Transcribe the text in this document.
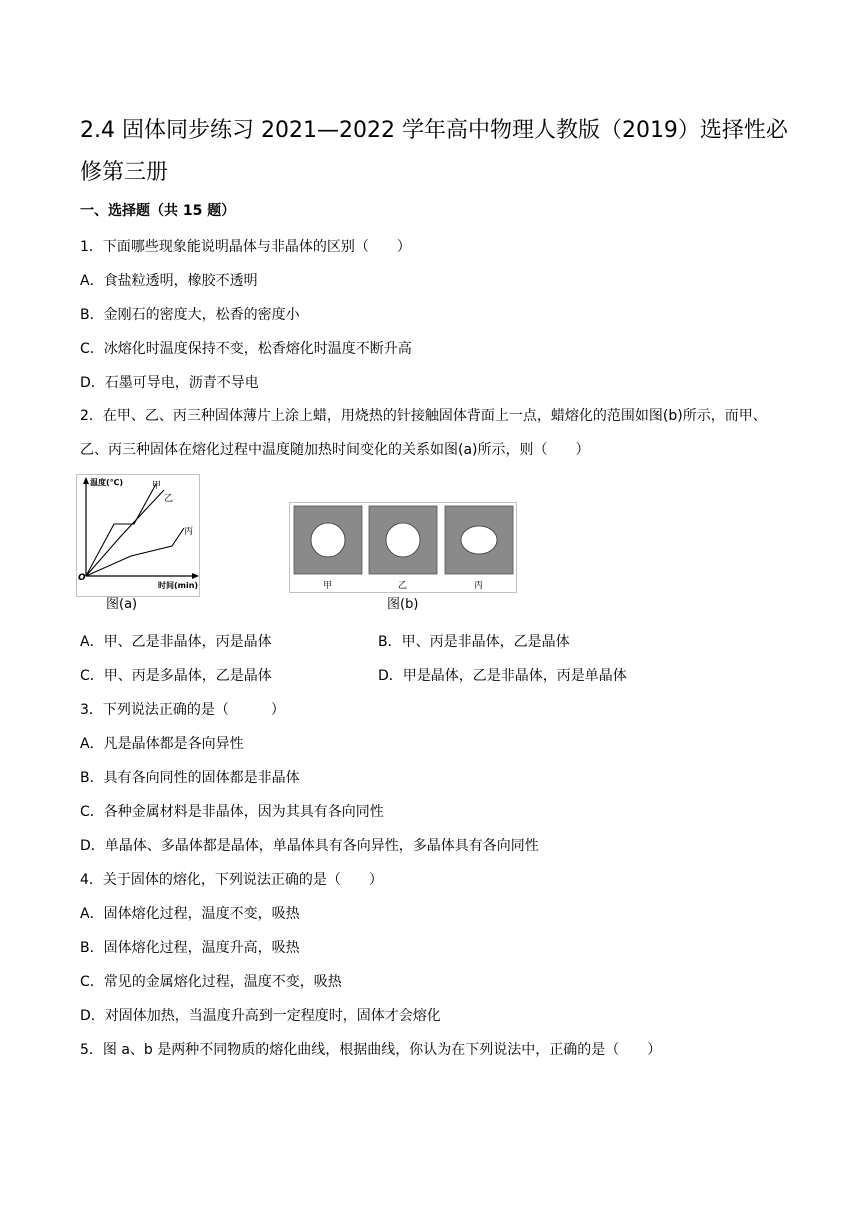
2.4 固体同步练习 2021—2022 学年高中物理人教版（2019）选择性必修第三册
一、选择题（共 15 题）
1．下面哪些现象能说明晶体与非晶体的区别（　　）
A．食盐粒透明，橡胶不透明
B．金刚石的密度大，松香的密度小
C．冰熔化时温度保持不变，松香熔化时温度不断升高
D．石墨可导电，沥青不导电
2．在甲、乙、丙三种固体薄片上涂上蜡，用烧热的针接触固体背面上一点，蜡熔化的范围如图(b)所示，而甲、乙、丙三种固体在熔化过程中温度随加热时间变化的关系如图(a)所示，则（　　）
温度(℃)	甲
乙
丙
O
时间(min)
图(a)
甲	乙	丙
图(b)
A．甲、乙是非晶体，丙是晶体	B．甲、丙是非晶体，乙是晶体
C．甲、丙是多晶体，乙是晶体	D．甲是晶体，乙是非晶体，丙是单晶体
3．下列说法正确的是（　　　）
A．凡是晶体都是各向异性
B．具有各向同性的固体都是非晶体
C．各种金属材料是非晶体，因为其具有各向同性
D．单晶体、多晶体都是晶体，单晶体具有各向异性，多晶体具有各向同性
4．关于固体的熔化，下列说法正确的是（　　）
A．固体熔化过程，温度不变，吸热
B．固体熔化过程，温度升高，吸热
C．常见的金属熔化过程，温度不变，吸热
D．对固体加热，当温度升高到一定程度时，固体才会熔化
5．图 a、b 是两种不同物质的熔化曲线，根据曲线，你认为在下列说法中，正确的是（　　）
